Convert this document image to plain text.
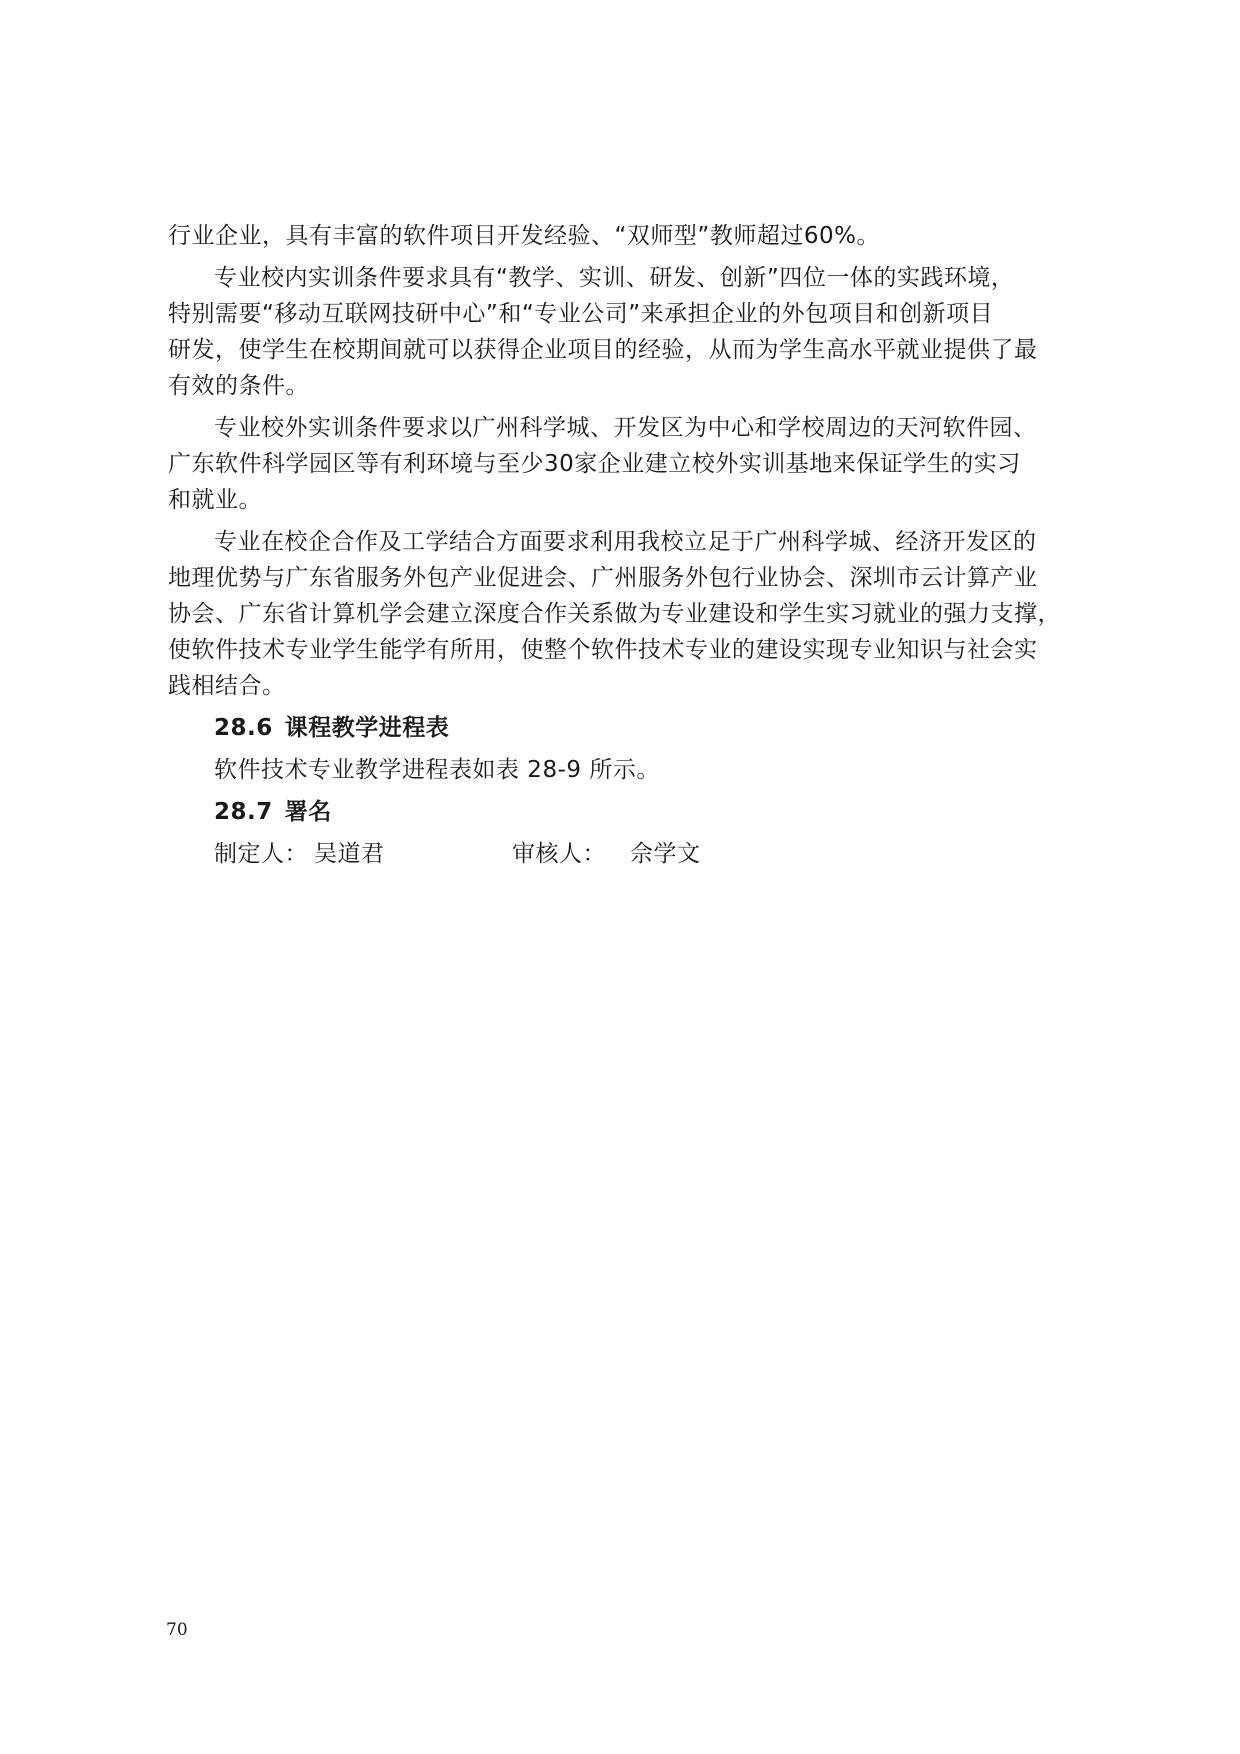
行业企业，具有丰富的软件项目开发经验、“双师型”教师超过60%。
专业校内实训条件要求具有“教学、实训、研发、创新”四位一体的实践环境，
特别需要“移动互联网技研中心”和“专业公司”来承担企业的外包项目和创新项目
研发，使学生在校期间就可以获得企业项目的经验，从而为学生高水平就业提供了最
有效的条件。
专业校外实训条件要求以广州科学城、开发区为中心和学校周边的天河软件园、
广东软件科学园区等有利环境与至少30家企业建立校外实训基地来保证学生的实习
和就业。
专业在校企合作及工学结合方面要求利用我校立足于广州科学城、经济开发区的
地理优势与广东省服务外包产业促进会、广州服务外包行业协会、深圳市云计算产业
协会、广东省计算机学会建立深度合作关系做为专业建设和学生实习就业的强力支撑，
使软件技术专业学生能学有所用，使整个软件技术专业的建设实现专业知识与社会实
践相结合。
28.6 课程教学进程表
软件技术专业教学进程表如表 28-9 所示。
28.7 署名
制定人： 吴道君	审核人： 佘学文
70
